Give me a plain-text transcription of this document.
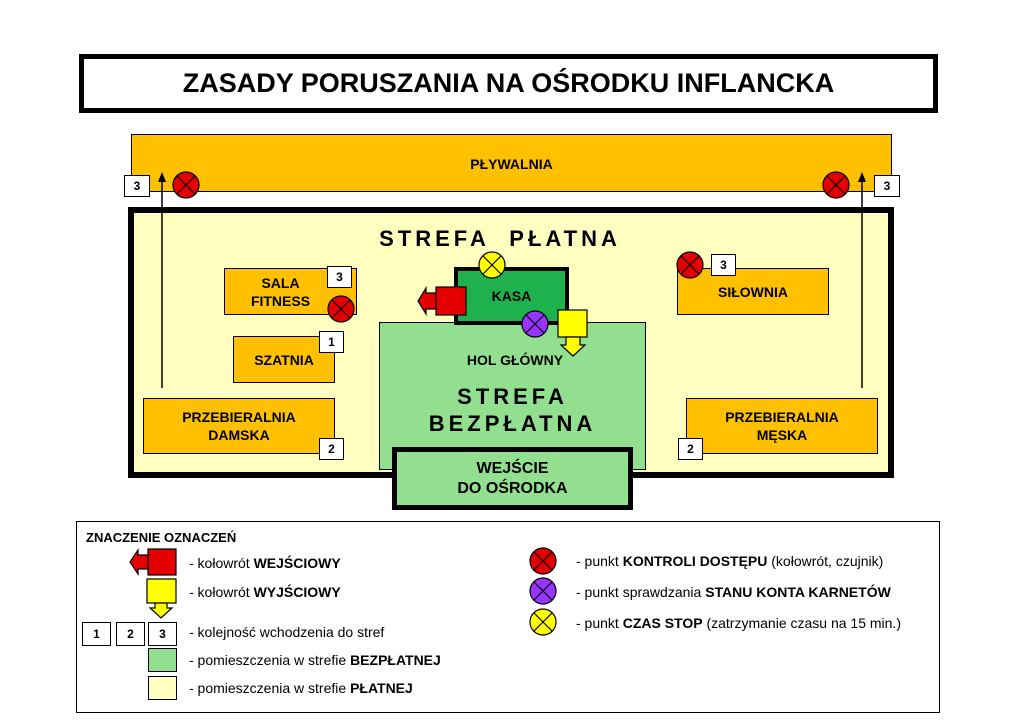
ZASADY PORUSZANIA NA OŚRODKU INFLANCKA
PŁYWALNIA
STREFA  PŁATNA
SALA
FITNESS
3
SZATNIA
1
PRZEBIERALNIA
DAMSKA
2
SIŁOWNIA
3
PRZEBIERALNIA
MĘSKA
2
HOL GŁÓWNY
STREFA
BEZPŁATNA
KASA
WEJŚCIE
DO OŚRODKA
3	3
ZNACZENIE OZNACZEŃ
1 2 3
- kołowrót WEJŚCIOWY
- kołowrót WYJŚCIOWY
- kolejność wchodzenia do stref
- pomieszczenia w strefie BEZPŁATNEJ
- pomieszczenia w strefie PŁATNEJ
- punkt KONTROLI DOSTĘPU (kołowrót, czujnik)
- punkt sprawdzania STANU KONTA KARNETÓW
- punkt CZAS STOP (zatrzymanie czasu na 15 min.)
